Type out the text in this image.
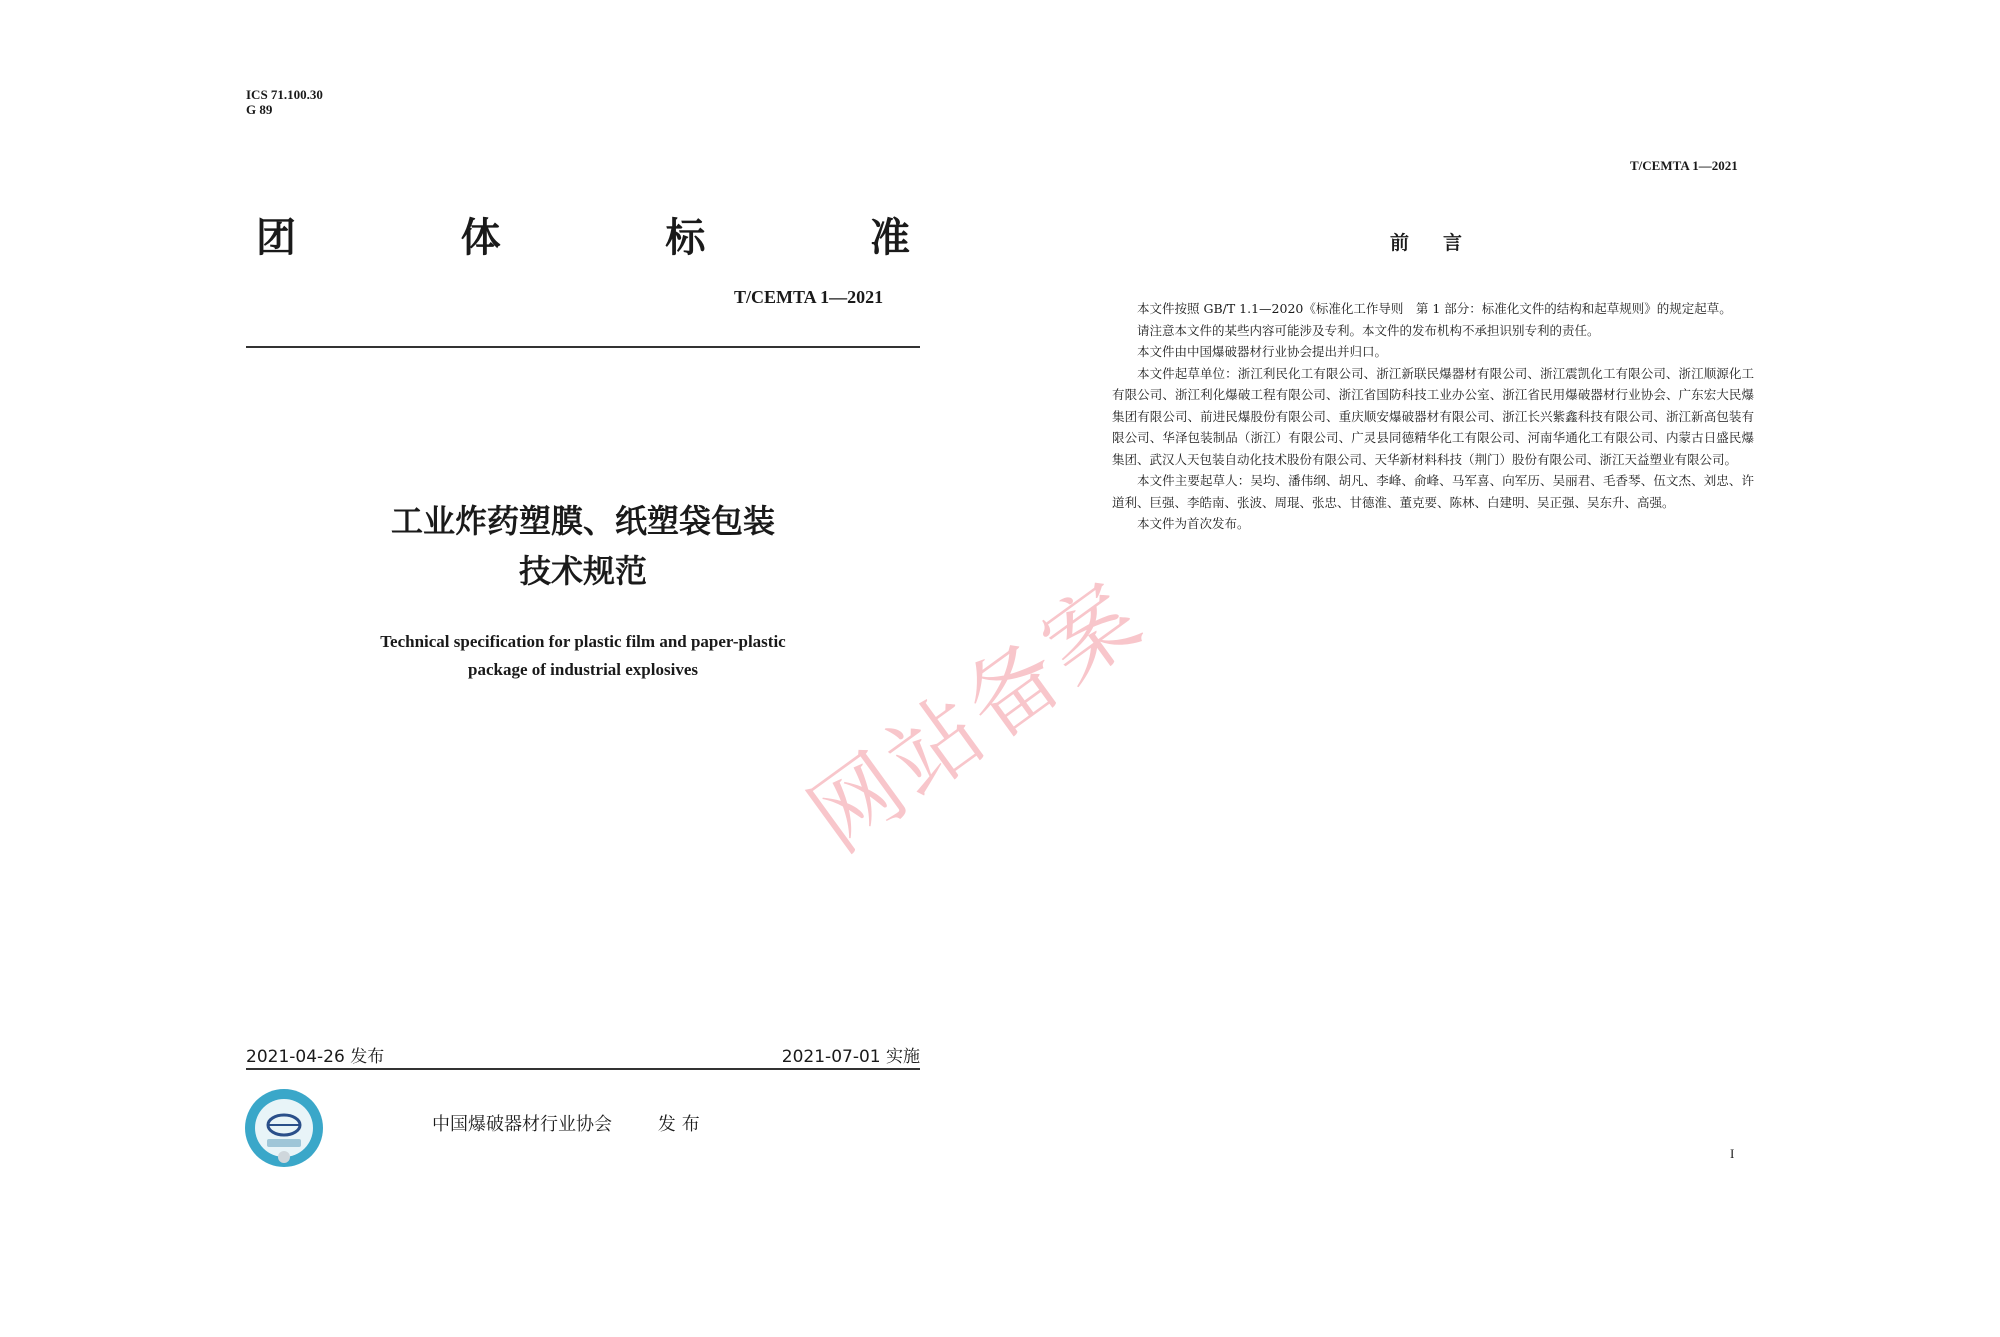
ICS 71.100.30
G 89
团	体	标	准
T/CEMTA 1—2021
工业炸药塑膜、纸塑袋包装
技术规范
Technical specification for plastic film and paper-plastic
package of industrial explosives
2021-04-26 发布	2021-07-01 实施
中国爆破器材行业协会	发布
T/CEMTA 1—2021
前言

本文件按照 GB/T 1.1—2020《标准化工作导则　第 1 部分：标准化文件的结构和起草规则》的规定起草。

请注意本文件的某些内容可能涉及专利。本文件的发布机构不承担识别专利的责任。

本文件由中国爆破器材行业协会提出并归口。

本文件起草单位：浙江利民化工有限公司、浙江新联民爆器材有限公司、浙江震凯化工有限公司、浙江顺源化工有限公司、浙江利化爆破工程有限公司、浙江省国防科技工业办公室、浙江省民用爆破器材行业协会、广东宏大民爆集团有限公司、前进民爆股份有限公司、重庆顺安爆破器材有限公司、浙江长兴紫鑫科技有限公司、浙江新高包装有限公司、华泽包装制品（浙江）有限公司、广灵县同德精华化工有限公司、河南华通化工有限公司、内蒙古日盛民爆集团、武汉人天包装自动化技术股份有限公司、天华新材料科技（荆门）股份有限公司、浙江天益塑业有限公司。

本文件主要起草人：吴均、潘伟纲、胡凡、李峰、俞峰、马军喜、向军历、吴丽君、毛香琴、伍文杰、刘忠、许道利、巨强、李皓南、张波、周琨、张忠、甘德淮、董克要、陈林、白建明、吴正强、吴东升、高强。

本文件为首次发布。

I
网站备案
